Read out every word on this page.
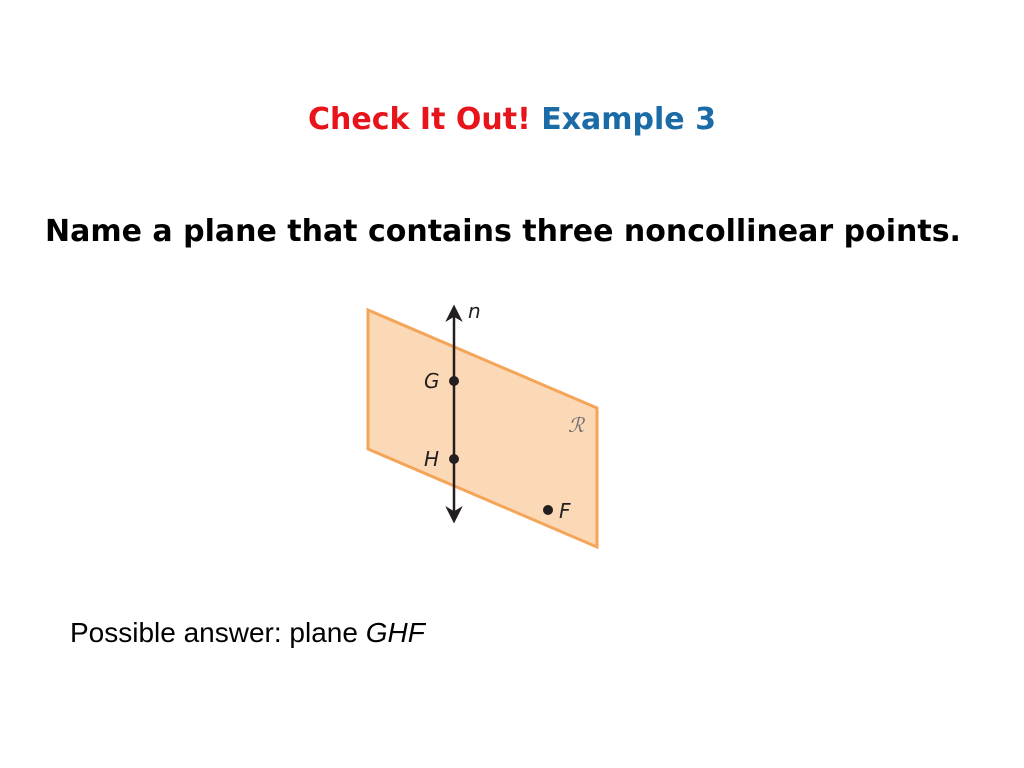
Check It Out! Example 3
Name a plane that contains three noncollinear points.
n
G
H
F
ℛ
Possible answer: plane GHF
